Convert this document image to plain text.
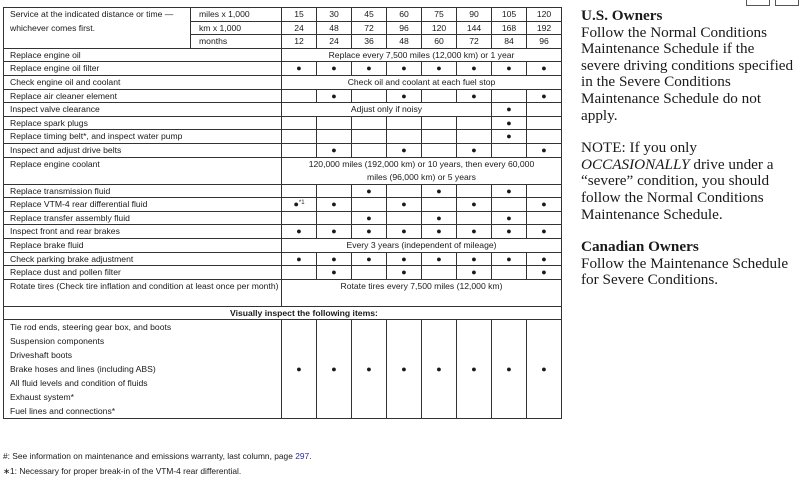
Service at the indicated distance or time — whichever comes first.	miles x 1,000	15	30	45	60	75	90	105	120
	km x 1,000	24	48	72	96	120	144	168	192
	months	12	24	36	48	60	72	84	96
Replace engine oil		Replace every 7,500 miles (12,000 km) or 1 year							
Replace engine oil filter		●	●	●	●	●	●	●	●
Check engine oil and coolant		Check oil and coolant at each fuel stop							
Replace air cleaner element			●		●		●		●
Inspect valve clearance		Adjust only if noisy						●	
Replace spark plugs								●	
Replace timing belt*, and inspect water pump								●	
Inspect and adjust drive belts			●		●		●		●
Replace engine coolant		120,000 miles (192,000 km) or 10 years, then every 60,000 miles (96,000 km) or 5 years							
Replace transmission fluid				●		●		●	
Replace VTM-4 rear differential fluid		●$^{*1}$	●		●		●		●
Replace transfer assembly fluid				●		●		●	
Inspect front and rear brakes		●	●	●	●	●	●	●	●
Replace brake fluid		Every 3 years (independent of mileage)							
Check parking brake adjustment		●	●	●	●	●	●	●	●
Replace dust and pollen filter			●		●		●		●
Rotate tires (Check tire inflation and condition at least once per month)		Rotate tires every 7,500 miles (12,000 km)							
Visually inspect the following items:									

Tie rod ends, steering gear box, and boots
Suspension components
Driveshaft boots
Brake hoses and lines (including ABS)
All fluid levels and condition of fluids
Exhaust system*
Fuel lines and connections*
	●	●	●	●	●	●	●	●
#: See information on maintenance and emissions warranty, last column, page 297.
∗1: Necessary for proper break-in of the VTM-4 rear differential.
U.S. Owners
Follow the Normal Conditions Maintenance Schedule if the severe driving conditions specified in the Severe Conditions Maintenance Schedule do not apply.
NOTE: If you only OCCASIONALLY drive under a “severe” condition, you should follow the Normal Conditions Maintenance Schedule.
Canadian Owners
Follow the Maintenance Schedule for Severe Conditions.
